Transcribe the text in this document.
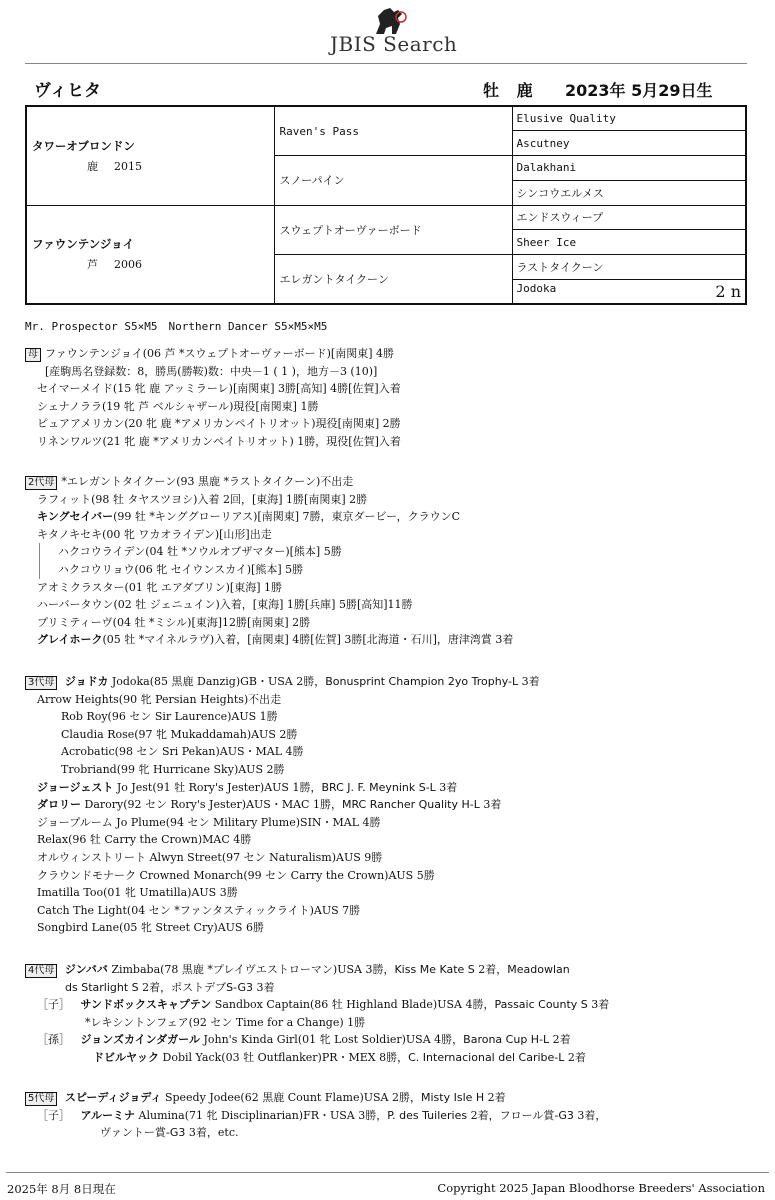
JBIS Search
ヴィヒタ	牡 鹿 2023年 5月29日生
タワーオブロンドン
鹿 2015	Raven's Pass	Elusive Quality
		Ascutney
	スノーパイン	Dalakhani
		シンコウエルメス

ファウンテンジョイ
芦 2006	スウェプトオーヴァーボード	エンドスウィープ
		Sheer Ice
	エレガントタイクーン	ラストタイクーン
		Jodoka 2 n
Mr. Prospector S5×M5　Northern Dancer S5×M5×M5
母 ファウンテンジョイ(06 芦 *スウェプトオーヴァーボード)[南関東] 4勝
[産駒馬名登録数：8，勝馬(勝鞍)数：中央－1 ( 1 )，地方－3 (10)]
セイマーメイド(15 牝 鹿 アッミラーレ)[南関東] 3勝[高知] 4勝[佐賀]入着
シェナノララ(19 牝 芦 ベルシャザール)現役[南関東] 1勝
ピュアアメリカン(20 牝 鹿 *アメリカンペイトリオット)現役[南関東] 2勝
リネンワルツ(21 牝 鹿 *アメリカンペイトリオット) 1勝，現役[佐賀]入着
2代母 *エレガントタイクーン(93 黒鹿 *ラストタイクーン)不出走
ラフィット(98 牡 タヤスツヨシ)入着 2回，[東海] 1勝[南関東] 2勝
キングセイバー(99 牡 *キンググローリアス)[南関東] 7勝，東京ダービー，クラウンC
キタノキセキ(00 牝 ワカオライデン)[山形]出走
ハクコウライデン(04 牡 *ソウルオブザマター)[熊本] 5勝
ハクコウリョウ(06 牝 セイウンスカイ)[熊本] 5勝
アオミクラスター(01 牝 エアダブリン)[東海] 1勝
ハーバータウン(02 牡 ジェニュイン)入着，[東海] 1勝[兵庫] 5勝[高知]11勝
プリミティーヴ(04 牡 *ミシル)[東海]12勝[南関東] 2勝
グレイホーク(05 牡 *マイネルラヴ)入着，[南関東] 4勝[佐賀] 3勝[北海道・石川]，唐津湾賞 3着
3代母 ジョドカ Jodoka(85 黒鹿 Danzig)GB・USA 2勝，Bonusprint Champion 2yo Trophy-L 3着
Arrow Heights(90 牝 Persian Heights)不出走
Rob Roy(96 セン Sir Laurence)AUS 1勝
Claudia Rose(97 牝 Mukaddamah)AUS 2勝
Acrobatic(98 セン Sri Pekan)AUS・MAL 4勝
Trobriand(99 牝 Hurricane Sky)AUS 2勝
ジョージェスト Jo Jest(91 牡 Rory's Jester)AUS 1勝，BRC J. F. Meynink S-L 3着
ダロリー Darory(92 セン Rory's Jester)AUS・MAC 1勝，MRC Rancher Quality H-L 3着
ジョープルーム Jo Plume(94 セン Military Plume)SIN・MAL 4勝
Relax(96 牡 Carry the Crown)MAC 4勝
オルウィンストリート Alwyn Street(97 セン Naturalism)AUS 9勝
クラウンドモナーク Crowned Monarch(99 セン Carry the Crown)AUS 5勝
Imatilla Too(01 牝 Umatilla)AUS 3勝
Catch The Light(04 セン *ファンタスティックライト)AUS 7勝
Songbird Lane(05 牝 Street Cry)AUS 6勝
4代母 ジンババ Zimbaba(78 黒鹿 *プレイヴエストローマン)USA 3勝，Kiss Me Kate S 2着，Meadowlan
ds Starlight S 2着，ポストデブS-G3 3着
［子］ サンドボックスキャプテン Sandbox Captain(86 牡 Highland Blade)USA 4勝，Passaic County S 3着
*レキシントンフェア(92 セン Time for a Change) 1勝
［孫］ ジョンズカインダガール John's Kinda Girl(01 牝 Lost Soldier)USA 4勝，Barona Cup H-L 2着
ドビルヤック Dobil Yack(03 牡 Outflanker)PR・MEX 8勝，C. Internacional del Caribe-L 2着
5代母 スピーディジョディ Speedy Jodee(62 黒鹿 Count Flame)USA 2勝，Misty Isle H 2着
［子］ アルーミナ Alumina(71 牝 Disciplinarian)FR・USA 3勝，P. des Tuileries 2着，フロール賞-G3 3着，
ヴァントー賞-G3 3着，etc.
2025年 8月 8日現在	Copyright 2025 Japan Bloodhorse Breeders' Association
